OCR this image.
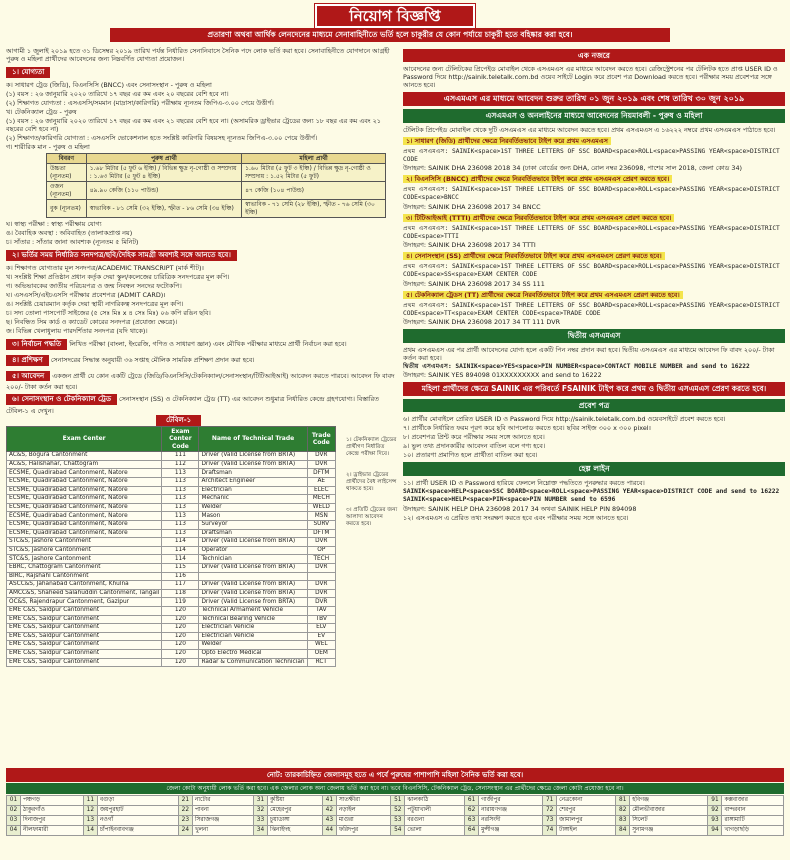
নিয়োগ বিজ্ঞপ্তি
প্রতারণা অথবা আর্থিক লেনদেনের মাধ্যমে সেনাবাহিনীতে ভর্তি হলে চাকুরীর যে কোন পর্যায়ে চাকুরী হতে বহিষ্কার করা হবে।
আগামী ১ জুলাই ২০১৯ হতে ৩১ ডিসেম্বর ২০১৯ তারিখ পর্যন্ত নির্ধারিত সেনানিবাসে সৈনিক পদে লোক ভর্তি করা হবে। সেনাবাহিনীতে যোগদানে আগ্রহী পুরুষ ও মহিলা প্রার্থীদের আবেদনের জন্য নিম্নবর্ণিত যোগ্যতা প্রয়োজন।
১। যোগ্যতা
ক। সাধারণ ট্রেড (জিডি), বিএনসিসি (BNCC) এবং সেনাসংস্থান - পুরুষ ও মহিলা
(১) বয়স : ২৬ জানুয়ারি ২০২০ তারিখে ১৭ বছর এর কম এবং ২০ বছরের বেশি হবে না।
(২) শিক্ষাগত যোগ্যতা : এসএসসি/সমমান (মাদ্রাসা/কারিগরি) পরীক্ষায় ন্যূনতম জিপিএ-৩.০০ পেয়ে উত্তীর্ণ।
খ। টেকনিক্যাল ট্রেড - পুরুষ
(১) বয়স : ২৬ জানুয়ারি ২০২০ তারিখে ১৭ বছর এর কম এবং ২১ বছরের বেশি হবে না। (অসামরিক ড্রাইভার ট্রেডের জন্য ১৮ বছর এর কম এবং ২১ বছরের বেশি হবে না)
(২) শিক্ষাগত/কারিগরি যোগ্যতা : এসএসসি ভোকেশনাল হতে সংশ্লিষ্ট কারিগরি বিষয়সহ ন্যূনতম জিপিএ-৩.০০ পেয়ে উত্তীর্ণ।
গ। শারীরিক মান - পুরুষ ও মহিলা
বিবরণ	পুরুষ প্রার্থী	মহিলা প্রার্থী
উচ্চতা (ন্যূনতম)	১.৬৮ মিটার (৫ ফুট ৬ ইঞ্চি) / বিভিন্ন ক্ষুদ্র নৃ-গোষ্ঠী ও সম্প্রদায় : ১.৬৩ মিটার (৫ ফুট ৪ ইঞ্চি)	১.৬০ মিটার (৫ ফুট ৩ ইঞ্চি) / বিভিন্ন ক্ষুদ্র নৃ-গোষ্ঠী ও সম্প্রদায় : ১.৫২ মিটার (৫ ফুট)
ওজন (ন্যূনতম)	৪৯.৯০ কেজি (১১০ পাউন্ড)	৪৭ কেজি (১০৪ পাউন্ড)
বুক (ন্যূনতম)	স্বাভাবিক - ৮১ সেমি (৩২ ইঞ্চি), স্ফীত - ৮৬ সেমি (৩৪ ইঞ্চি)	স্বাভাবিক - ৭১ সেমি (২৮ ইঞ্চি), স্ফীত - ৭৬ সেমি (৩০ ইঞ্চি)
ঘ। স্বাস্থ্য পরীক্ষা : স্বাস্থ্য পরীক্ষায় যোগ্য
ঙ। বৈবাহিক অবস্থা : অবিবাহিত (তালাকপ্রাপ্ত নয়)
চ। সাঁতার : সাঁতার জানা আবশ্যক (ন্যূনতম ৫ মিনিট)
২। ভর্তির সময় নির্ধারিত সনদপত্র/ছবি/দৈহিক সামগ্রী অবশ্যই সঙ্গে আনতে হবে।
ক। শিক্ষাগত যোগ্যতার মূল সনদপত্র/ACADEMIC TRANSCRIPT (মার্ক শীট)।
খ। সংশ্লিষ্ট শিক্ষা প্রতিষ্ঠান প্রধান কর্তৃক দেয়া স্কুল/কলেজের চারিত্রিক সনদপত্রের মূল কপি।
গ। অভিভাবকের জাতীয় পরিচয়পত্র ও জন্ম নিবন্ধন সনদের ফটোকপি।
ঘ। এসএসসি/এইচএসসি পরীক্ষার প্রবেশপত্র (ADMIT CARD)।
ঙ। সংশ্লিষ্ট চেয়ারম্যান কর্তৃক দেয়া স্থায়ী নাগরিকত্ব সনদপত্রের মূল কপি।
চ। সদ্য তোলা পাসপোর্ট সাইজের (৫ সেঃ মিঃ x ৪ সেঃ মিঃ) ০৬ কপি রঙিন ছবি।
ছ। নিবন্ধিত সিম কার্ড ও ক্যাডেট কোরের সনদপত্র (প্রযোজ্য ক্ষেত্রে)।
জ। বিভিন্ন খেলাধুলায় পারদর্শিতার সনদপত্র (যদি থাকে)।
৩। নির্বাচন পদ্ধতি লিখিত পরীক্ষা (বাংলা, ইংরেজি, গণিত ও সাধারণ জ্ঞান) এবং মৌখিক পরীক্ষার মাধ্যমে প্রার্থী নির্বাচন করা হবে।
৪। প্রশিক্ষণ সেনাসদরের সিদ্ধান্ত অনুযায়ী ৩৬ সপ্তাহ মৌলিক সামরিক প্রশিক্ষণ প্রদান করা হবে।
৫। আবেদন একজন প্রার্থী যে কোন একটি ট্রেডে (জিডি/বিএনসিসি/টেকনিক্যাল/সেনাসংস্থান/টিটিআইআই) আবেদন করতে পারবে। আবেদন ফি বাবদ ২০০/- টাকা কর্তন করা হবে।
৬। সেনাসংস্থান ও টেকনিক্যাল ট্রেড সেনাসংস্থান (SS) ও টেকনিক্যাল ট্রেড (TT) এর আবেদন শুধুমাত্র নির্ধারিত কেন্দ্রে গ্রহণযোগ্য। বিস্তারিত টেবিল-১ এ দেখুন।
টেবিল-১
Exam Center	Exam Center Code	Name of Technical Trade	Trade Code
AC&S, Bogura Cantonment	111	Driver (Valid License from BRTA)	DVR
AC&S, Halishahar, Chattogram	112	Driver (Valid License from BRTA)	DVR
ECSME, Quadirabad Cantonment, Natore	113	Draftsman	DFTM
ECSME, Quadirabad Cantonment, Natore	113	Architect Engineer	AE
ECSME, Quadirabad Cantonment, Natore	113	Electrician	ELEC
ECSME, Quadirabad Cantonment, Natore	113	Mechanic	MECH
ECSME, Quadirabad Cantonment, Natore	113	Welder	WELD
ECSME, Quadirabad Cantonment, Natore	113	Mason	MSN
ECSME, Quadirabad Cantonment, Natore	113	Surveyor	SURV
ECSME, Quadirabad Cantonment, Natore	113	Draftsman	DFTM
STC&S, Jashore Cantonment	114	Driver (Valid License from BRTA)	DVR
STC&S, Jashore Cantonment	114	Operator	OP
STC&S, Jashore Cantonment	114	Technician	TECH
EBRC, Chattogram Cantonment	115	Driver (Valid License from BRTA)	DVR
BIRC, Rajshahi Cantonment	116		
ASCC&S, Jahanabad Cantonment, Khulna	117	Driver (Valid License from BRTA)	DVR
AMCC&S, Shaheed Salahuddin Cantonment, Tangail	118	Driver (Valid License from BRTA)	DVR
OC&S, Rajendrapur Cantonment, Gazipur	119	Driver (Valid License from BRTA)	DVR
EME C&S, Saidpur Cantonment	120	Technical Armament Vehicle	TAV
EME C&S, Saidpur Cantonment	120	Technical Bearing Vehicle	TBV
EME C&S, Saidpur Cantonment	120	Electrician Vehicle	ELV
EME C&S, Saidpur Cantonment	120	Electrician Vehicle	EV
EME C&S, Saidpur Cantonment	120	Welder	WEL
EME C&S, Saidpur Cantonment	120	Opto Electro Medical	OEM
EME C&S, Saidpur Cantonment	120	Radar & Communication Technician	RCT
১। টেকনিক্যাল ট্রেডের প্রার্থীগণ নির্ধারিত কেন্দ্রে পরীক্ষা দিবে।
২। ড্রাইভার ট্রেডের প্রার্থীদের বৈধ লাইসেন্স থাকতে হবে।
৩। প্রতিটি ট্রেডের জন্য আলাদা আবেদন করতে হবে।
এক নজরে
আবেদনের জন্য টেলিটকের প্রিপেইড মোবাইল থেকে এসএমএস এর মাধ্যমে আবেদন করতে হবে। রেজিস্ট্রেশনের পর টেলিটক হতে প্রাপ্ত USER ID ও Password দিয়ে http://sainik.teletalk.com.bd ওয়েব সাইটে Login করে প্রবেশ পত্র Download করতে হবে। পরীক্ষার সময় প্রবেশপত্র সঙ্গে আনতে হবে।
এসএমএস এর মাধ্যমে আবেদন শুরুর তারিখ ০১ জুন ২০১৯ এবং শেষ তারিখ ৩০ জুন ২০১৯
এসএমএস ও অনলাইনের মাধ্যমে আবেদনের নিয়মাবলী - পুরুষ ও মহিলা
টেলিটক প্রিপেইড মোবাইল থেকে দুটি এসএমএস এর মাধ্যমে আবেদন করতে হবে। প্রথম এসএমএস এ ১৬২২২ নম্বরে প্রথম এসএমএস পাঠাতে হবে।
১। সাধারণ (জিডি) প্রার্থীদের ক্ষেত্রে নিরবর্তিতভাবে টাইপ করে প্রথম এসএমএস
প্রথম এসএমএস: SAINIK<space>1ST THREE LETTERS OF SSC BOARD<space>ROLL<space>PASSING YEAR<space>DISTRICT CODE
উদাহরণ: SAINIK DHA 236098 2018 34 (ঢাকা বোর্ডের জন্য DHA, রোল নম্বর 236098, পাশের সাল 2018, জেলা কোড 34)
২। বিএনসিসি (BNCC) প্রার্থীদের ক্ষেত্রে নিরবর্তিতভাবে টাইপ করে প্রথম এসএমএস প্রেরণ করতে হবে।
প্রথম এসএমএস: SAINIK<space>1ST THREE LETTERS OF SSC BOARD<space>ROLL<space>PASSING YEAR<space>DISTRICT CODE<space>BNCC
উদাহরণ: SAINIK DHA 236098 2017 34 BNCC
৩। টিটিআইআই (TTTI) প্রার্থীদের ক্ষেত্রে নিরবর্তিতভাবে টাইপ করে প্রথম এসএমএস প্রেরণ করতে হবে।
প্রথম এসএমএস: SAINIK<space>1ST THREE LETTERS OF SSC BOARD<space>ROLL<space>PASSING YEAR<space>DISTRICT CODE<space>TTTI
উদাহরণ: SAINIK DHA 236098 2017 34 TTTI
৪। সেনাসংস্থান (SS) প্রার্থীদের ক্ষেত্রে নিরবর্তিতভাবে টাইপ করে প্রথম এসএমএস প্রেরণ করতে হবে।
প্রথম এসএমএস: SAINIK<space>1ST THREE LETTERS OF SSC BOARD<space>ROLL<space>PASSING YEAR<space>DISTRICT CODE<space>SS<space>EXAM CENTER CODE
উদাহরণ: SAINIK DHA 236098 2017 34 SS 111
৫। টেকনিক্যাল ট্রেডস (TT) প্রার্থীদের ক্ষেত্রে নিরবর্তিতভাবে টাইপ করে প্রথম এসএমএস প্রেরণ করতে হবে।
প্রথম এসএমএস: SAINIK<space>1ST THREE LETTERS OF SSC BOARD<space>ROLL<space>PASSING YEAR<space>DISTRICT CODE<space>TT<space>EXAM CENTER CODE<space>TRADE CODE
উদাহরণ: SAINIK DHA 236098 2017 34 TT 111 DVR
দ্বিতীয় এসএমএস
প্রথম এসএমএস এর পর প্রার্থী আবেদনের যোগ্য হলে একটি পিন নম্বর প্রদান করা হবে। দ্বিতীয় এসএমএস এর মাধ্যমে আবেদন ফি বাবদ ২০০/- টাকা কর্তন করা হবে।
দ্বিতীয় এসএমএস: SAINIK<space>YES<space>PIN NUMBER<space>CONTACT MOBILE NUMBER and send to 16222
উদাহরণ: SAINIK YES 894098 01XXXXXXXXX and send to 16222
মহিলা প্রার্থীদের ক্ষেত্রে SAINIK এর পরিবর্তে FSAINIK টাইপ করে প্রথম ও দ্বিতীয় এসএমএস প্রেরণ করতে হবে।
প্রবেশ পত্র
৬। প্রার্থীর মোবাইলে প্রেরিত USER ID ও Password দিয়ে http://sainik.teletalk.com.bd ওয়েবসাইটে প্রবেশ করতে হবে।
৭। প্রার্থীকে নির্ধারিত ফরম পূরণ করে ছবি আপলোড করতে হবে। ছবির সাইজ ৩০০ x ৩০০ pixel।
৮। প্রবেশপত্র প্রিন্ট করে পরীক্ষার সময় সঙ্গে আনতে হবে।
৯। ভুল তথ্য প্রদানকারীর আবেদন বাতিল বলে গণ্য হবে।
১০। প্রতারণা প্রমাণিত হলে প্রার্থীতা বাতিল করা হবে।
হেল্প লাইন
১১। প্রার্থী USER ID ও Password হারিয়ে ফেললে নিম্নোক্ত পদ্ধতিতে পুনরুদ্ধার করতে পারবে।
SAINIK<space>HELP<space>SSC BOARD<space>ROLL<space>PASSING YEAR<space>DISTRICT CODE and send to 16222
SAINIK<space>HELP<space>PIN<space>PIN NUMBER send to 6596
উদাহরণ: SAINIK HELP DHA 236098 2017 34 অথবা SAINIK HELP PIN 894098
১২। এসএমএস এ প্রেরিত তথ্য সংরক্ষণ করতে হবে এবং পরীক্ষার সময় সঙ্গে আনতে হবে।
নোট: তারকাচিহ্নিত জেলাসমূহ হতে এ পর্বে পুরুষের পাশাপাশি মহিলা সৈনিক ভর্তি করা হবে।
জেলা কোটা অনুযায়ী লোক ভর্তি করা হবে। এক জেলার লোক অন্য জেলায় ভর্তি করা হবে না। ভবে বিএনসিসি, টেকনিক্যাল ট্রেড, সেনাসংস্থান এর প্রার্থীদের ক্ষেত্রে জেলা কোটা প্রযোজ্য হবে না।
01	পঞ্চগড়	11	বগুড়া	21	নাটোর	31	কুষ্টিয়া	41	সাতক্ষীরা	51	ঝালকাঠি	61	গাজীপুর	71	নেত্রকোনা	81	হবিগঞ্জ	91	কক্সবাজার
02	ঠাকুরগাঁও	12	জয়পুরহাট	22	পাবনা	32	মেহেরপুর	42	নড়াইল	52	পটুয়াখালী	62	নারায়ণগঞ্জ	72	শেরপুর	82	মৌলভীবাজার	92	বান্দরবান
03	দিনাজপুর	13	নওগাঁ	23	সিরাজগঞ্জ	33	চুয়াডাঙ্গা	43	মাগুরা	53	বরগুনা	63	নরসিংদী	73	জামালপুর	83	সিলেট	93	রাঙ্গামাটি
04	নীলফামারী	14	চাঁপাইনবাবগঞ্জ	24	খুলনা	34	ঝিনাইদহ	44	ফরিদপুর	54	ভোলা	64	মুন্সীগঞ্জ	74	টাঙ্গাইল	84	সুনামগঞ্জ	94	খাগড়াছড়ি
